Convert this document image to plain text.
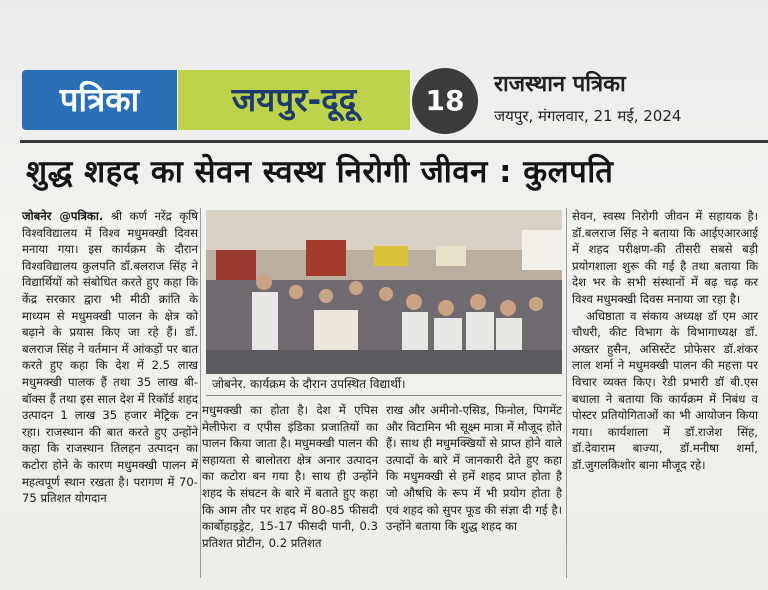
पत्रिका	जयपुर-दूदू	18	राजस्थान पत्रिका
जयपुर, मंगलवार, 21 मई, 2024
शुद्ध शहद का सेवन स्वस्थ निरोगी जीवन : कुलपति
जोबनेर @पत्रिका. श्री कर्ण नरेंद्र कृषि विश्वविद्यालय में विश्व मधुमक्खी दिवस मनाया गया। इस कार्यक्रम के दौरान विश्वविद्यालय कुलपति डॉ.बलराज सिंह ने विद्यार्थियों को संबोधित करते हुए कहा कि केंद्र सरकार द्वारा भी मीठी क्रांति के माध्यम से मधुमक्खी पालन के क्षेत्र को बढ़ाने के प्रयास किए जा रहे हैं। डॉ. बलराज सिंह ने वर्तमान में आंकड़ों पर बात करते हुए कहा कि देश में 2.5 लाख मधुमक्खी पालक हैं तथा 35 लाख बी-बॉक्स हैं तथा इस साल देश में रिकॉर्ड शहद उत्पादन 1 लाख 35 हजार मेट्रिक टन रहा। राजस्थान की बात करते हुए उन्होंने कहा कि राजस्थान तिलहन उत्पादन का कटोरा होने के कारण मधुमक्खी पालन में महत्वपूर्ण स्थान रखता है। परागण में 70-75 प्रतिशत योगदान
जोबनेर. कार्यक्रम के दौरान उपस्थित विद्यार्थी।
मधुमक्खी का होता है। देश में एपिस मेलीफेरा व एपीस इंडिका प्रजातियों का पालन किया जाता है। मधुमक्खी पालन की सहायता से बालोतरा क्षेत्र अनार उत्पादन का कटोरा बन गया है। साथ ही उन्होंने शहद के संघटन के बारे में बताते हुए कहा कि आम तौर पर शहद में 80-85 फीसदी कार्बोहाइड्रेट, 15-17 फीसदी पानी, 0.3 प्रतिशत प्रोटीन, 0.2 प्रतिशत
राख और अमीनो-एसिड, फिनोल, पिगमेंट और विटामिन भी सूक्ष्म मात्रा में मौजूद होते हैं। साथ ही मधुमक्खियों से प्राप्त होने वाले उत्पादों के बारे में जानकारी देते हुए कहा कि मधुमक्खी से हमें शहद प्राप्त होता है जो औषधि के रूप में भी प्रयोग होता है एवं शहद को सुपर फूड की संज्ञा दी गई है। उन्होंने बताया कि शुद्ध शहद का
सेवन, स्वस्थ निरोगी जीवन में सहायक है। डॉ.बलराज सिंह ने बताया कि आईएआरआई में शहद परीक्षण-की तीसरी सबसे बड़ी प्रयोगशाला शुरू की गई है तथा बताया कि देश भर के सभी संस्थानों में बढ़ चढ़ कर विश्व मधुमक्खी दिवस मनाया जा रहा है।
अधिष्ठाता व संकाय अध्यक्ष डॉ एम आर चौधरी, कीट विभाग के विभागाध्यक्ष डॉ. अख्तर हुसैन, असिस्टेंट प्रोफेसर डॉ.शंकर लाल शर्मा ने मधुमक्खी पालन की महत्ता पर विचार व्यक्त किए। रेडी प्रभारी डॉ बी.एस बधाला ने बताया कि कार्यक्रम में निबंध व पोस्टर प्रतियोगिताओं का भी आयोजन किया गया। कार्यशाला में डॉ.राजेश सिंह, डॉ.देवाराम बाज्या, डॉ.मनीषा शर्मा, डॉ.जुगलकिशोर बाना मौजूद रहे।
